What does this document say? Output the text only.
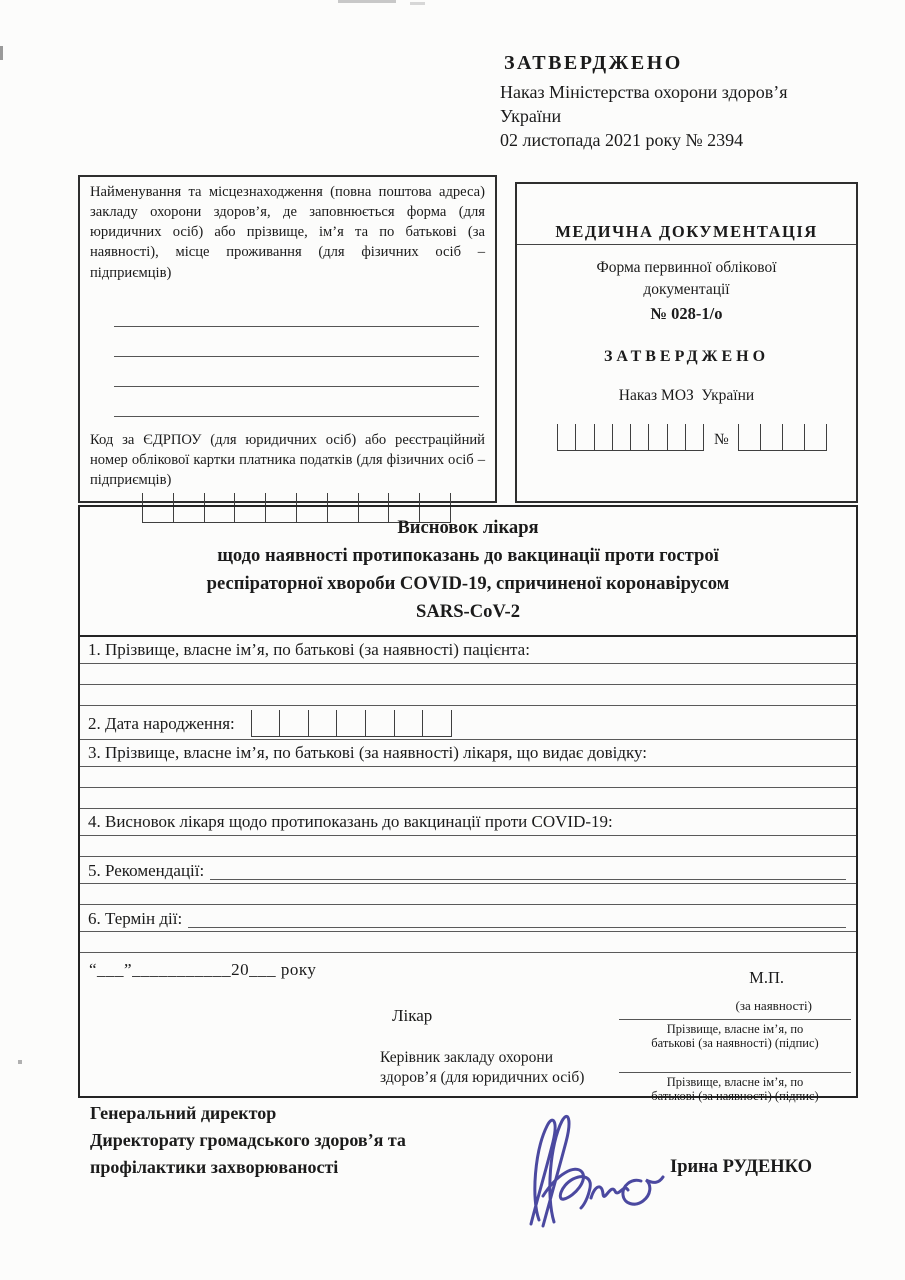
ЗАТВЕРДЖЕНО
Наказ Міністерства охорони здоров’я
України
02 листопада 2021 року № 2394
Найменування та місцезнаходження (повна поштова адреса) закладу охорони здоров’я, де заповнюється форма (для юридичних осіб) або прізвище, ім’я та по батькові (за наявності), місце проживання (для фізичних осіб – підприємців)
Код за ЄДРПОУ (для юридичних осіб) або реєстраційний номер облікової картки платника податків (для фізичних осіб – підприємців)
МЕДИЧНА ДОКУМЕНТАЦІЯ
Форма первинної облікової
документації
№ 028-1/о
ЗАТВЕРДЖЕНО
Наказ МОЗ  України
№
Висновок лікаря
щодо наявності протипоказань до вакцинації проти гострої
респіраторної хвороби COVID-19, спричиненої коронавірусом
SARS-CoV-2
1. Прізвище, власне ім’я, по батькові (за наявності) пацієнта:
2. Дата народження:
3. Прізвище, власне ім’я, по батькові (за наявності) лікаря, що видає довідку:
4. Висновок лікаря щодо протипоказань до вакцинації проти COVID-19:
5. Рекомендації:
6. Термін дії:
“___”___________20___ року	М.П.
(за наявності)
Лікар
Керівник закладу охорони
здоров’я (для юридичних осіб)
Прізвище, власне ім’я, по
батькові (за наявності) (підпис)
Прізвище, власне ім’я, по
батькові (за наявності) (підпис)
Генеральний директор
Директорату громадського здоров’я та
профілактики захворюваності	Ірина РУДЕНКО
